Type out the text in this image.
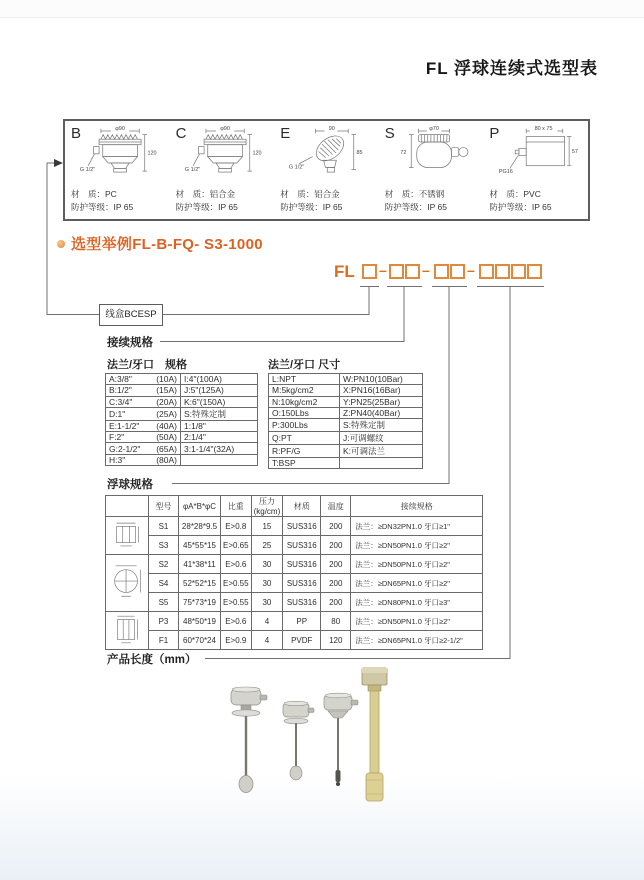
FL 浮球连续式选型表
B	φ90
120
G 1/2"
材　质：PC
防护等级：IP 65
C	φ90
120
G 1/2"
材　质：铝合金
防护等级：IP 65
E	90
85
G 1/2"
材　质：铝合金
防护等级：IP 65
S	φ70
72
材　质：不锈钢
防护等级：IP 65
P	80 x 75
57
PG16
材　质：PVC
防护等级：IP 65
选型举例FL-B-FQ- S3-1000
FL –	–	–
线盒BCESP
接续规格
法兰/牙口　规格	法兰/牙口 尺寸
A:3/8" (10A)	I:4"(100A)

B:1/2" (15A)	J:5"(125A)

C:3/4" (20A)	K:6"(150A)

D:1" (25A)	S:特殊定制

E:1-1/2" (40A)	1:1/8"

F:2" (50A)	2:1/4"

G:2-1/2" (65A)	3:1-1/4"(32A)

H:3" (80A)	

L:NPT	W:PN10(10Bar)
M:5kg/cm2	X:PN16(16Bar)
N:10kg/cm2	Y:PN25(25Bar)
O:150Lbs	Z:PN40(40Bar)
P:300Lbs	S:特殊定制
Q:PT	J:可调螺纹
R:PF/G	K:可调法兰
T:BSP	
浮球规格
	型号	φA*B*φC	比重	压力(kg/cm)	材质	温度	接续规格
	S1	28*28*9.5	E>0.8	15	SUS316	200	法兰：≥DN32PN1.0 牙口≥1"
	S3	45*55*15	E>0.65	25	SUS316	200	法兰：≥DN50PN1.0 牙口≥2"
	S2	41*38*11	E>0.6	30	SUS316	200	法兰：≥DN50PN1.0 牙口≥2"
	S4	52*52*15	E>0.55	30	SUS316	200	法兰：≥DN65PN1.0 牙口≥2"
	S5	75*73*19	E>0.55	30	SUS316	200	法兰：≥DN80PN1.0 牙口≥3"
	P3	48*50*19	E>0.6	4	PP	80	法兰：≥DN50PN1.0 牙口≥2"
	F1	60*70*24	E>0.9	4	PVDF	120	法兰：≥DN65PN1.0 牙口≥2-1/2"
产品长度（mm）
